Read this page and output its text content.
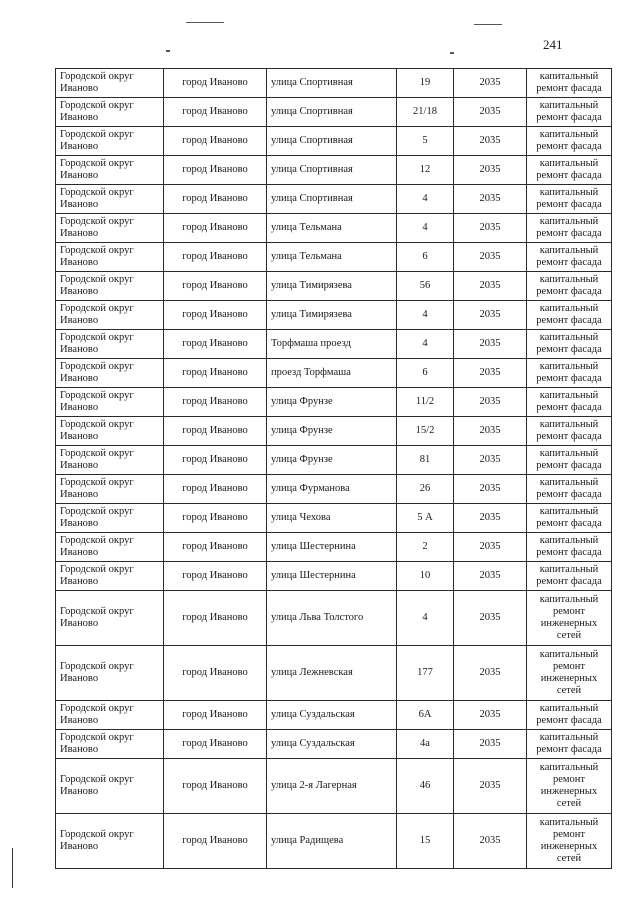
241
Городской округ Иваново	город Иваново	улица Спортивная	19	2035	капитальный ремонт фасада
Городской округ Иваново	город Иваново	улица Спортивная	21/18	2035	капитальный ремонт фасада
Городской округ Иваново	город Иваново	улица Спортивная	5	2035	капитальный ремонт фасада
Городской округ Иваново	город Иваново	улица Спортивная	12	2035	капитальный ремонт фасада
Городской округ Иваново	город Иваново	улица Спортивная	4	2035	капитальный ремонт фасада
Городской округ Иваново	город Иваново	улица Тельмана	4	2035	капитальный ремонт фасада
Городской округ Иваново	город Иваново	улица Тельмана	6	2035	капитальный ремонт фасада
Городской округ Иваново	город Иваново	улица Тимирязева	56	2035	капитальный ремонт фасада
Городской округ Иваново	город Иваново	улица Тимирязева	4	2035	капитальный ремонт фасада
Городской округ Иваново	город Иваново	Торфмаша проезд	4	2035	капитальный ремонт фасада
Городской округ Иваново	город Иваново	проезд Торфмаша	6	2035	капитальный ремонт фасада
Городской округ Иваново	город Иваново	улица Фрунзе	11/2	2035	капитальный ремонт фасада
Городской округ Иваново	город Иваново	улица Фрунзе	15/2	2035	капитальный ремонт фасада
Городской округ Иваново	город Иваново	улица Фрунзе	81	2035	капитальный ремонт фасада
Городской округ Иваново	город Иваново	улица Фурманова	26	2035	капитальный ремонт фасада
Городской округ Иваново	город Иваново	улица Чехова	5 А	2035	капитальный ремонт фасада
Городской округ Иваново	город Иваново	улица Шестернина	2	2035	капитальный ремонт фасада
Городской округ Иваново	город Иваново	улица Шестернина	10	2035	капитальный ремонт фасада
Городской округ Иваново	город Иваново	улица Льва Толстого	4	2035	капитальный ремонт инженерных сетей
Городской округ Иваново	город Иваново	улица Лежневская	177	2035	капитальный ремонт инженерных сетей
Городской округ Иваново	город Иваново	улица Суздальская	6А	2035	капитальный ремонт фасада
Городской округ Иваново	город Иваново	улица Суздальская	4а	2035	капитальный ремонт фасада
Городской округ Иваново	город Иваново	улица 2-я Лагерная	46	2035	капитальный ремонт инженерных сетей
Городской округ Иваново	город Иваново	улица Радищева	15	2035	капитальный ремонт инженерных сетей
